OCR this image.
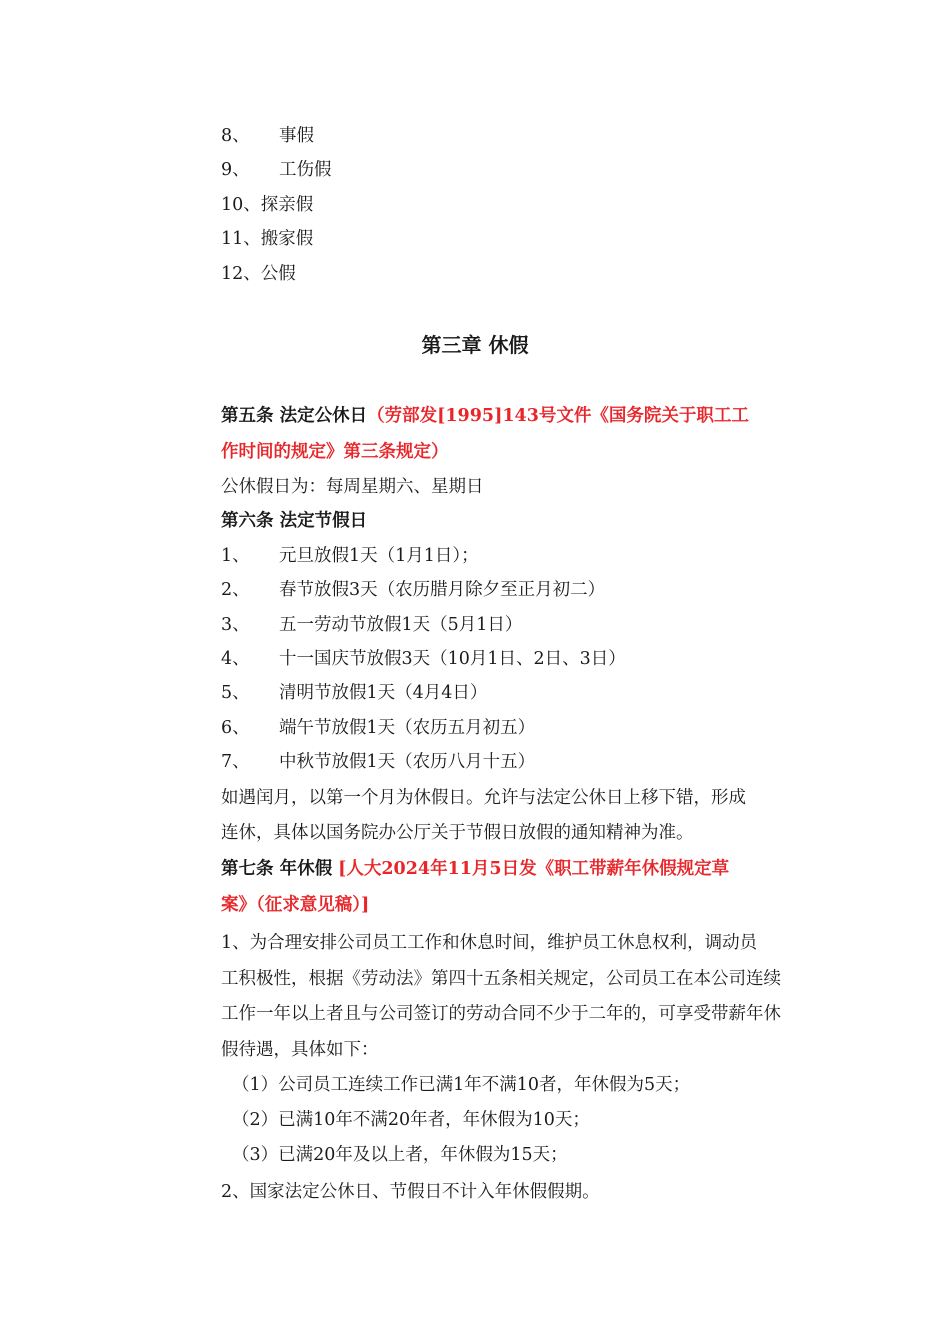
8、 事假
9、 工伤假
10、探亲假
11、搬家假
12、公假
第三章 休假
第五条 法定公休日（劳部发[1995]143号文件《国务院关于职工工
作时间的规定》第三条规定）
公休假日为：每周星期六、星期日
第六条 法定节假日
1、 元旦放假1天（1月1日）；
2、 春节放假3天（农历腊月除夕至正月初二）
3、 五一劳动节放假1天（5月1日）
4、 十一国庆节放假3天（10月1日、2日、3日）
5、 清明节放假1天（4月4日）
6、 端午节放假1天（农历五月初五）
7、 中秋节放假1天（农历八月十五）
如遇闰月，以第一个月为休假日。允许与法定公休日上移下错，形成
连休，具体以国务院办公厅关于节假日放假的通知精神为准。
第七条 年休假 [人大2024年11月5日发《职工带薪年休假规定草
案》（征求意见稿）]
1、为合理安排公司员工工作和休息时间，维护员工休息权利，调动员
工积极性，根据《劳动法》第四十五条相关规定，公司员工在本公司连续
工作一年以上者且与公司签订的劳动合同不少于二年的，可享受带薪年休
假待遇，具体如下：
（1）公司员工连续工作已满1年不满10者，年休假为5天；
（2）已满10年不满20年者，年休假为10天；
（3）已满20年及以上者，年休假为15天；
2、国家法定公休日、节假日不计入年休假假期。
